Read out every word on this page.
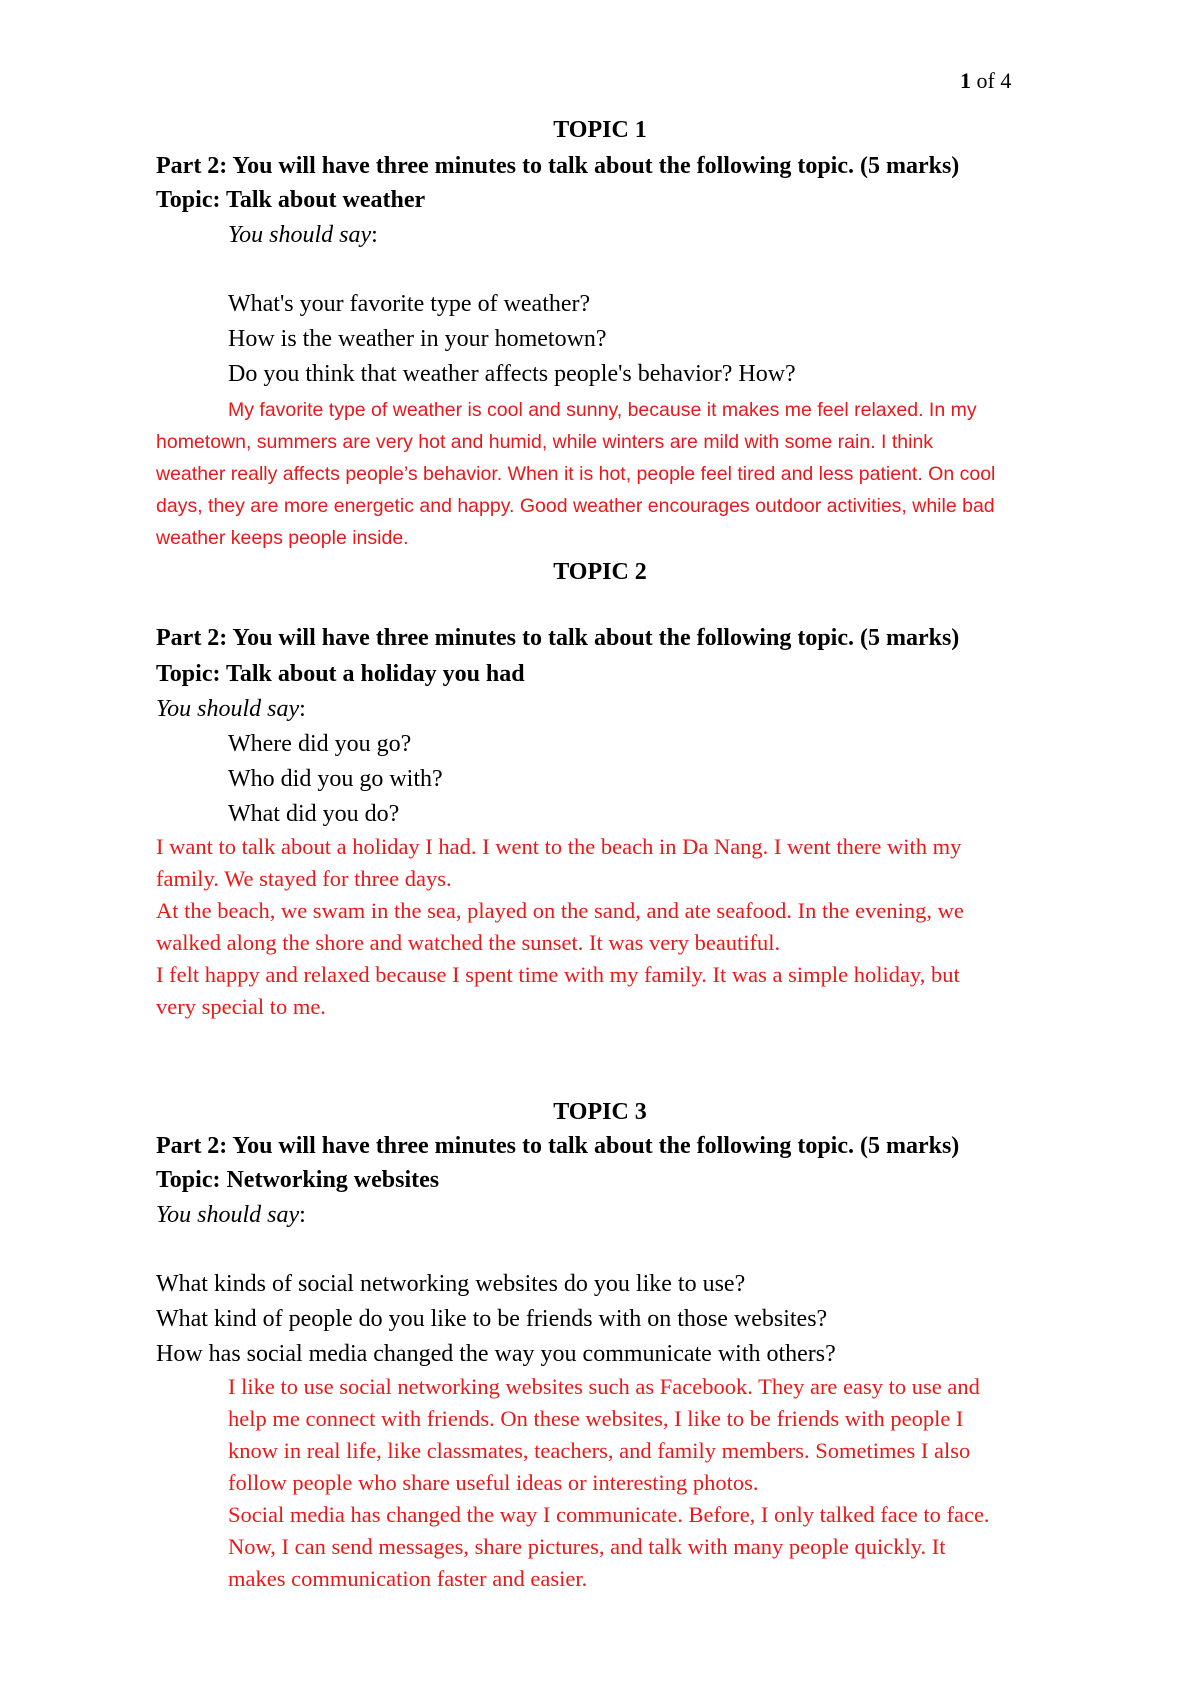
1 of 4
TOPIC 1
Part 2: You will have three minutes to talk about the following topic. (5 marks)
Topic: Talk about weather
You should say:
What's your favorite type of weather?
How is the weather in your hometown?
Do you think that weather affects people's behavior? How?
My favorite type of weather is cool and sunny, because it makes me feel relaxed. In my
hometown, summers are very hot and humid, while winters are mild with some rain. I think
weather really affects people’s behavior. When it is hot, people feel tired and less patient. On cool
days, they are more energetic and happy. Good weather encourages outdoor activities, while bad
weather keeps people inside.
TOPIC 2
Part 2: You will have three minutes to talk about the following topic. (5 marks)
Topic: Talk about a holiday you had
You should say:
Where did you go?
Who did you go with?
What did you do?
I want to talk about a holiday I had. I went to the beach in Da Nang. I went there with my
family. We stayed for three days.
At the beach, we swam in the sea, played on the sand, and ate seafood. In the evening, we
walked along the shore and watched the sunset. It was very beautiful.
I felt happy and relaxed because I spent time with my family. It was a simple holiday, but
very special to me.
TOPIC 3
Part 2: You will have three minutes to talk about the following topic. (5 marks)
Topic: Networking websites
You should say:
What kinds of social networking websites do you like to use?
What kind of people do you like to be friends with on those websites?
How has social media changed the way you communicate with others?
I like to use social networking websites such as Facebook. They are easy to use and
help me connect with friends. On these websites, I like to be friends with people I
know in real life, like classmates, teachers, and family members. Sometimes I also
follow people who share useful ideas or interesting photos.
Social media has changed the way I communicate. Before, I only talked face to face.
Now, I can send messages, share pictures, and talk with many people quickly. It
makes communication faster and easier.
